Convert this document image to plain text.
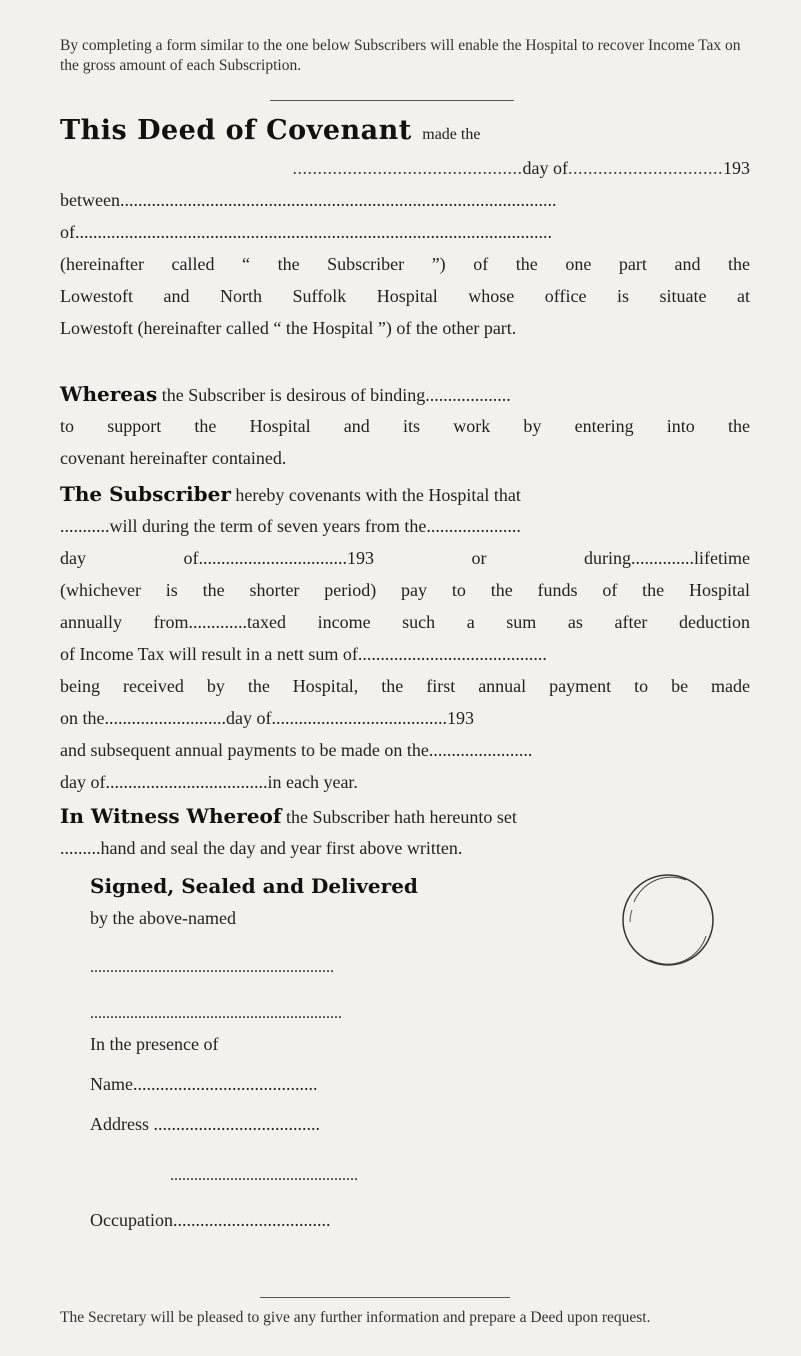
By completing a form similar to the one below Subscribers will enable the Hospital to recover Income Tax on the gross amount of each Subscription.
This Deed of Covenant made the
..............................................day of...............................193
between.................................................................................................
of..........................................................................................................
(hereinafter called “ the Subscriber ”) of the one part and the
Lowestoft and North Suffolk Hospital whose office is situate at
Lowestoft (hereinafter called “ the Hospital ”) of the other part.
Whereas the Subscriber is desirous of binding...................
to support the Hospital and its work by entering into the
covenant hereinafter contained.
The Subscriber hereby covenants with the Hospital that
...........will during the term of seven years from the.....................
day of.................................193 or during..............lifetime
(whichever is the shorter period) pay to the funds of the Hospital
annually from.............taxed income such a sum as after deduction
of Income Tax will result in a nett sum of..........................................
being received by the Hospital, the first annual payment to be made
on the...........................day of.......................................193
and subsequent annual payments to be made on the.......................
day of....................................in each year.
In Witness Whereof the Subscriber hath hereunto set
.........hand and seal the day and year first above written.
Signed, Sealed and Delivered
by the above-named
.............................................................
...............................................................
In the presence of
Name.........................................
Address .....................................
...............................................
Occupation...................................
The Secretary will be pleased to give any further information and prepare a Deed upon request.
